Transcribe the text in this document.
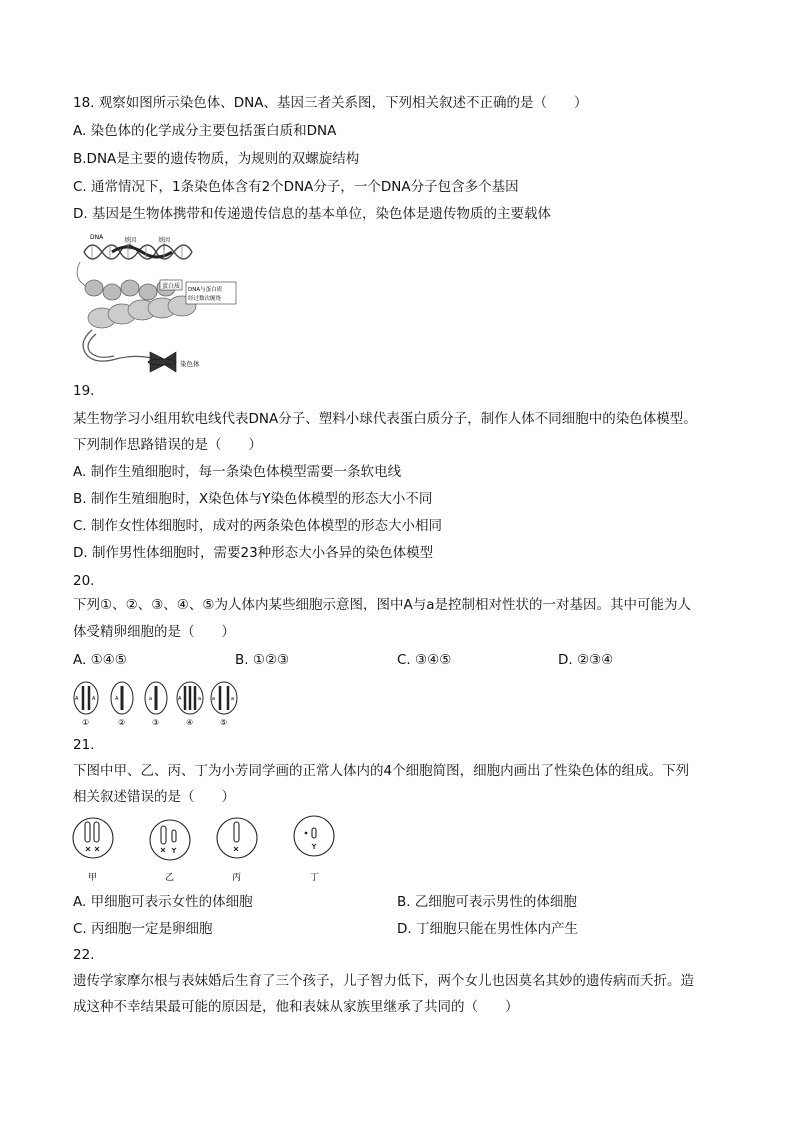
18. 观察如图所示染色体、DNA、基因三者关系图，下列相关叙述不正确的是（　　）
A. 染色体的化学成分主要包括蛋白质和DNA
B.DNA是主要的遗传物质，为规则的双螺旋结构
C. 通常情况下，1条染色体含有2个DNA分子，一个DNA分子包含多个基因
D. 基因是生物体携带和传递遗传信息的基本单位，染色体是遗传物质的主要载体
DNA	基因	基因
蛋白质 DNA与蛋白质
经过数次缠绕
染色体
19.
某生物学习小组用软电线代表DNA分子、塑料小球代表蛋白质分子，制作人体不同细胞中的染色体模型。
下列制作思路错误的是（　　）
A. 制作生殖细胞时，每一条染色体模型需要一条软电线
B. 制作生殖细胞时，X染色体与Y染色体模型的形态大小不同
C. 制作女性体细胞时，成对的两条染色体模型的形态大小相同
D. 制作男性体细胞时，需要23种形态大小各异的染色体模型
20.
下列①、②、③、④、⑤为人体内某些细胞示意图，图中A与a是控制相对性状的一对基因。其中可能为人
体受精卵细胞的是（　　）
A. ①④⑤	B. ①②③	C. ③④⑤	D. ②③④
A	A
①
A
②
a
③
A	a
④
a	a
⑤
21.
下图中甲、乙、丙、丁为小芳同学画的正常人体内的4个细胞简图，细胞内画出了性染色体的组成。下列
相关叙述错误的是（　　）
甲	乙	丙	丁
A. 甲细胞可表示女性的体细胞	B. 乙细胞可表示男性的体细胞
C. 丙细胞一定是卵细胞	D. 丁细胞只能在男性体内产生
22.
遗传学家摩尔根与表妹婚后生育了三个孩子，儿子智力低下，两个女儿也因莫名其妙的遗传病而夭折。造
成这种不幸结果最可能的原因是，他和表妹从家族里继承了共同的（　　）
